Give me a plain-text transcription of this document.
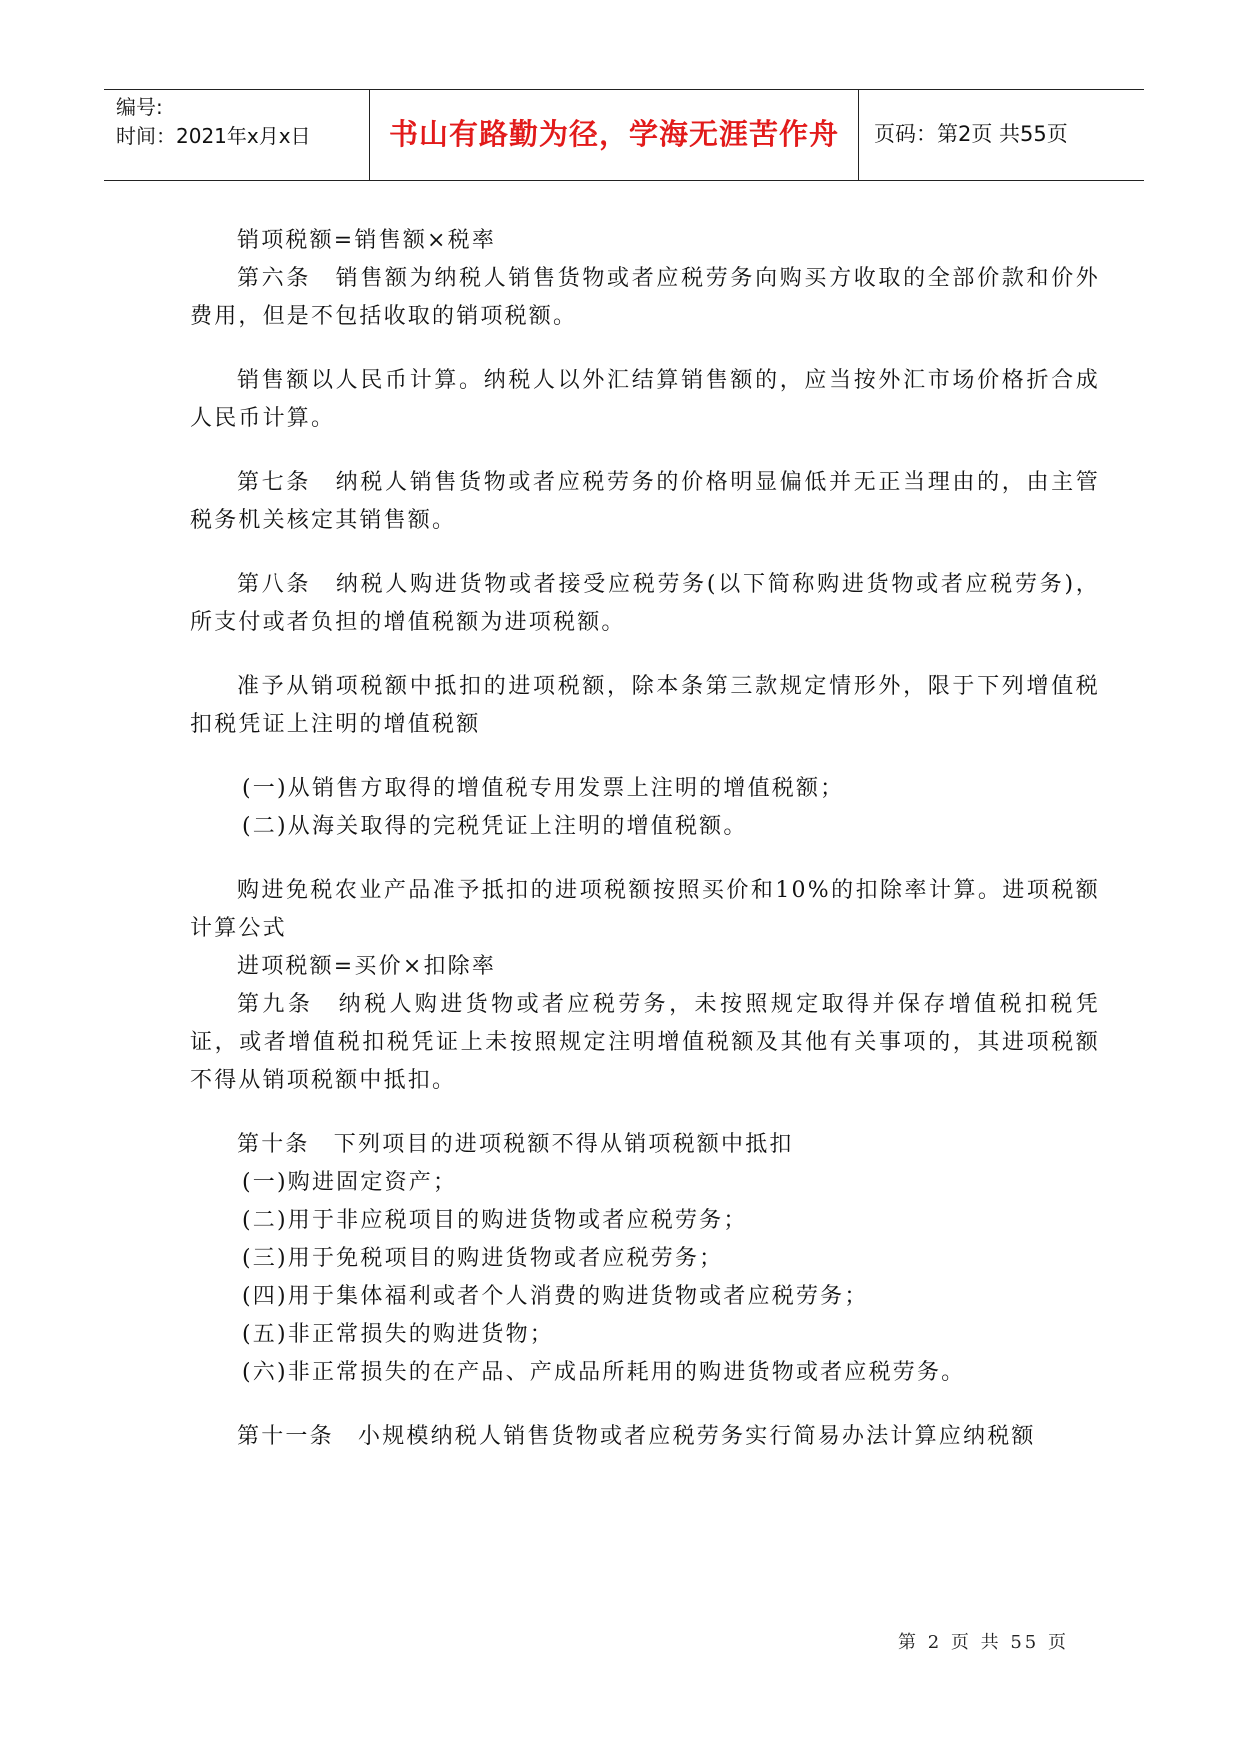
编号:
时间：2021年x月x日	书山有路勤为径，学海无涯苦作舟	页码：第2页 共55页

销项税额=销售额×税率

第六条　销售额为纳税人销售货物或者应税劳务向购买方收取的全部价款和价外费用，但是不包括收取的销项税额。

销售额以人民币计算。纳税人以外汇结算销售额的，应当按外汇市场价格折合成人民币计算。

第七条　纳税人销售货物或者应税劳务的价格明显偏低并无正当理由的，由主管税务机关核定其销售额。

第八条　纳税人购进货物或者接受应税劳务(以下简称购进货物或者应税劳务)，所支付或者负担的增值税额为进项税额。

准予从销项税额中抵扣的进项税额，除本条第三款规定情形外，限于下列增值税扣税凭证上注明的增值税额

(一)从销售方取得的增值税专用发票上注明的增值税额；

(二)从海关取得的完税凭证上注明的增值税额。

购进免税农业产品准予抵扣的进项税额按照买价和10%的扣除率计算。进项税额计算公式

进项税额=买价×扣除率

第九条　纳税人购进货物或者应税劳务，未按照规定取得并保存增值税扣税凭证，或者增值税扣税凭证上未按照规定注明增值税额及其他有关事项的，其进项税额不得从销项税额中抵扣。

第十条　下列项目的进项税额不得从销项税额中抵扣

(一)购进固定资产；

(二)用于非应税项目的购进货物或者应税劳务；

(三)用于免税项目的购进货物或者应税劳务；

(四)用于集体福利或者个人消费的购进货物或者应税劳务；

(五)非正常损失的购进货物；

(六)非正常损失的在产品、产成品所耗用的购进货物或者应税劳务。

第十一条　小规模纳税人销售货物或者应税劳务实行简易办法计算应纳税额

第 2 页 共 55 页
